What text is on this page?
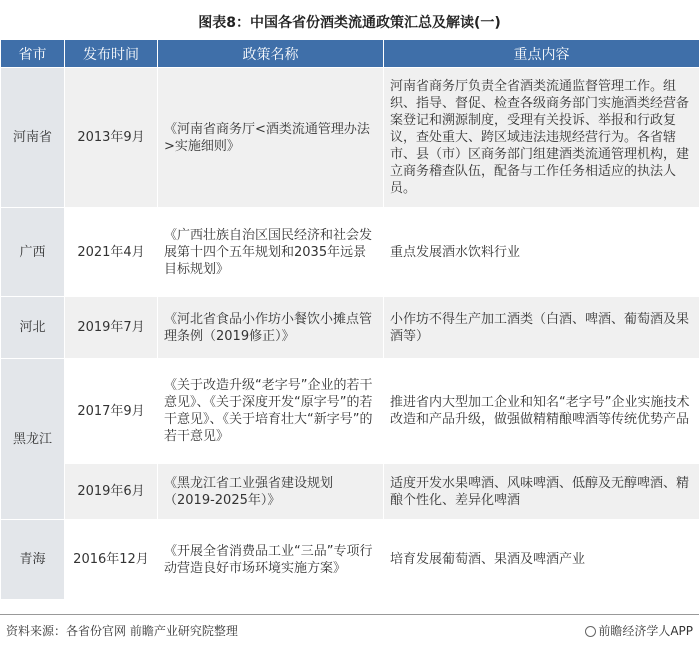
图表8：中国各省份酒类流通政策汇总及解读(一)
省市	发布时间	政策名称	重点内容
河南省	2013年9月	《河南省商务厅<酒类流通管理办法>实施细则》	河南省商务厅负责全省酒类流通监督管理工作。组织、指导、督促、检查各级商务部门实施酒类经营备案登记和溯源制度，受理有关投诉、举报和行政复议，查处重大、跨区域违法违规经营行为。各省辖市、县（市）区商务部门组建酒类流通管理机构，建立商务稽查队伍，配备与工作任务相适应的执法人员。
广西	2021年4月	《广西壮族自治区国民经济和社会发展第十四个五年规划和2035年远景目标规划》	重点发展酒水饮料行业
河北	2019年7月	《河北省食品小作坊小餐饮小摊点管理条例（2019修正）》	小作坊不得生产加工酒类（白酒、啤酒、葡萄酒及果酒等）
黑龙江	2017年9月	《关于改造升级“老字号”企业的若干意见》、《关于深度开发“原字号”的若干意见》、《关于培育壮大“新字号”的若干意见》	推进省内大型加工企业和知名“老字号”企业实施技术改造和产品升级，做强做精精酿啤酒等传统优势产品
	2019年6月	《黑龙江省工业强省建设规划（2019-2025年）》	适度开发水果啤酒、风味啤酒、低醇及无醇啤酒、精酿个性化、差异化啤酒
青海	2016年12月	《开展全省消费品工业“三品”专项行动营造良好市场环境实施方案》	培育发展葡萄酒、果酒及啤酒产业
资料来源：各省份官网 前瞻产业研究院整理	前瞻经济学人APP
